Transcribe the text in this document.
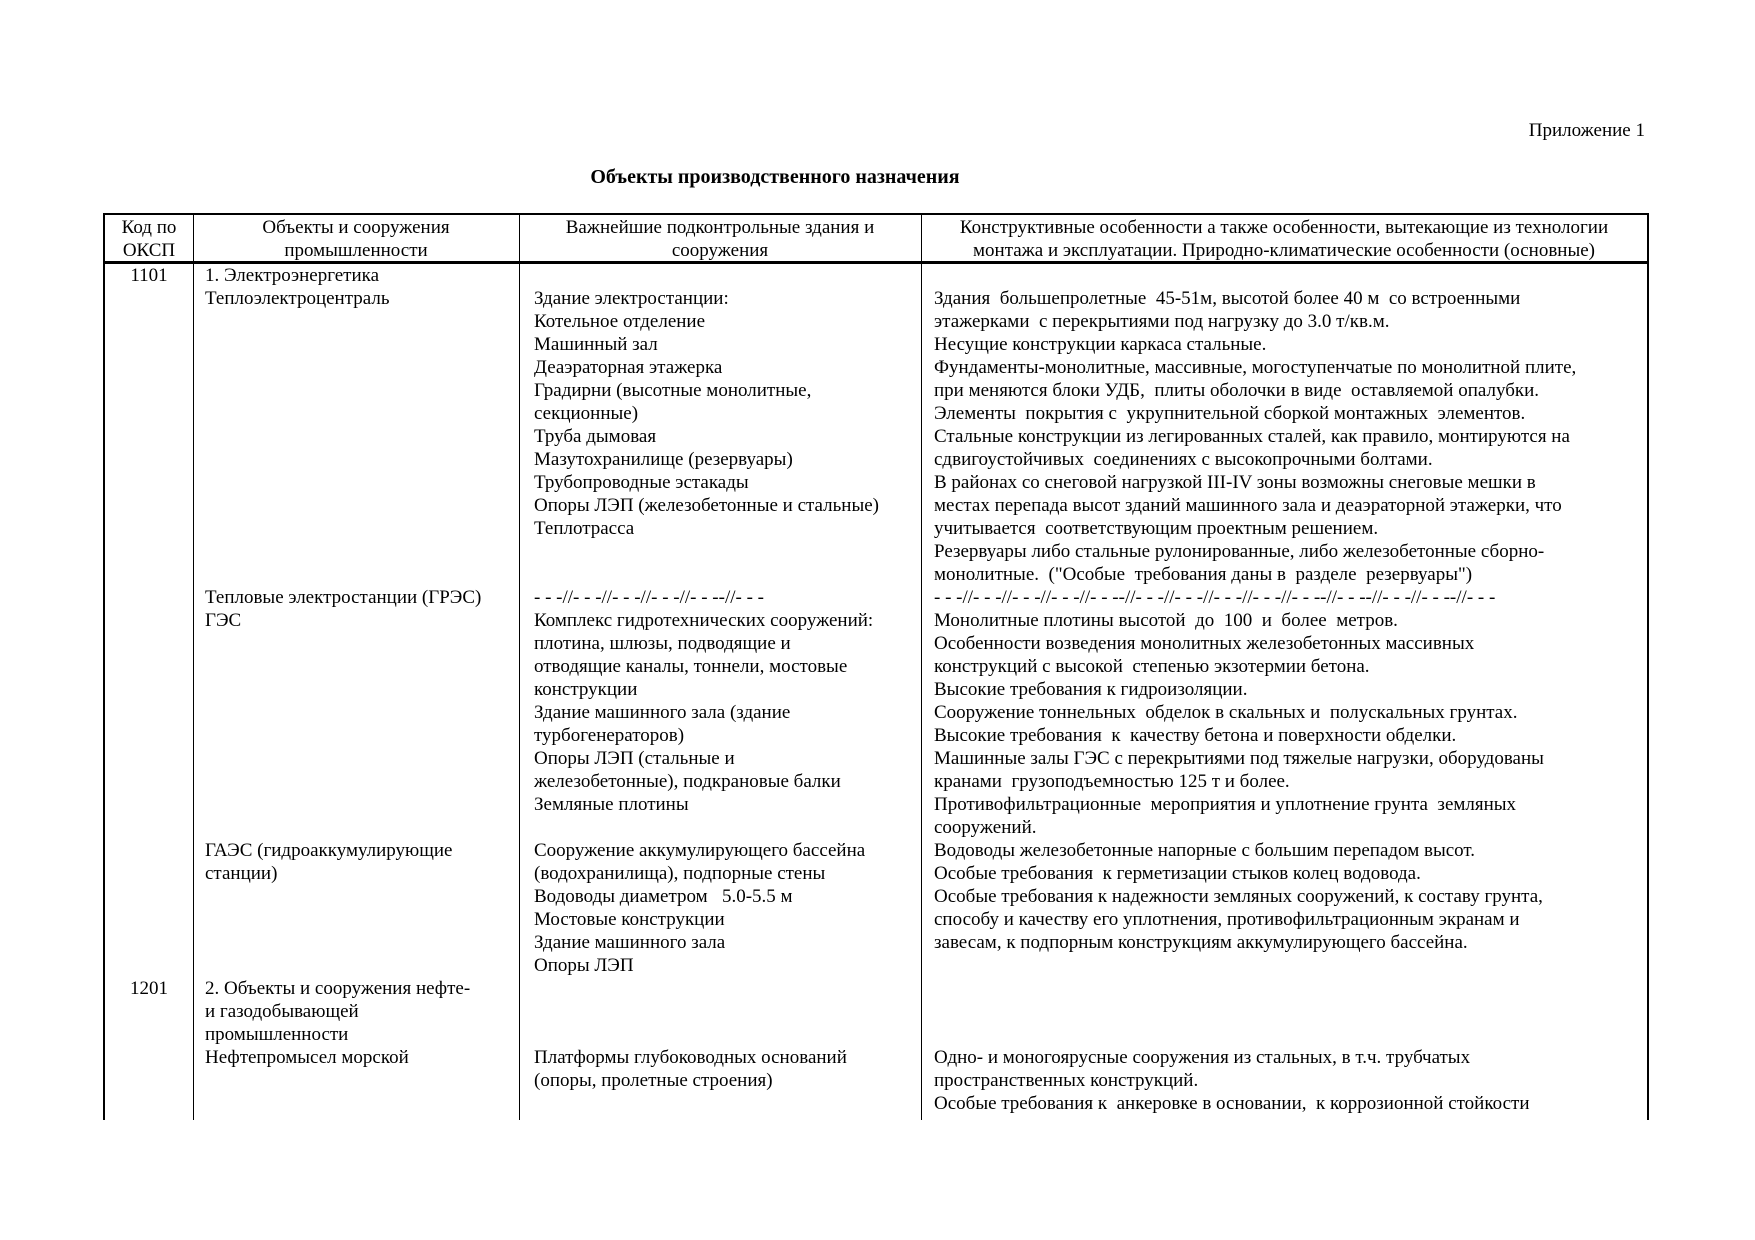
Приложение 1
Объекты производственного назначения
Код по
ОКСП
Объекты и сооружения
промышленности
Важнейшие подконтрольные здания и
сооружения
Конструктивные особенности а также особенности, вытекающие из технологии
монтажа и эксплуатации. Природно-климатические особенности (основные)
1101
1201
1. Электроэнергетика
Теплоэлектроцентраль
Тепловые электростанции (ГРЭС)
ГЭС
ГАЭС (гидроаккумулирующие
станции)
2. Объекты и сооружения нефте-
и газодобывающей
промышленности
Нефтепромысел морской
Здание электростанции:
Котельное отделение
Машинный зал
Деаэраторная этажерка
Градирни (высотные монолитные,
секционные)
Труба дымовая
Мазутохранилище (резервуары)
Трубопроводные эстакады
Опоры ЛЭП (железобетонные и стальные)
Теплотрасса
- - -//- - -//- - -//- - -//- - --//- - -
Комплекс гидротехнических сооружений:
плотина, шлюзы, подводящие и
отводящие каналы, тоннели, мостовые
конструкции
Здание машинного зала (здание
турбогенераторов)
Опоры ЛЭП (стальные и
железобетонные), подкрановые балки
Земляные плотины
Сооружение аккумулирующего бассейна
(водохранилища), подпорные стены
Водоводы диаметром   5.0-5.5 м
Мостовые конструкции
Здание машинного зала
Опоры ЛЭП
Платформы глубоководных оснований
(опоры, пролетные строения)
Здания  большепролетные  45-51м, высотой более 40 м  со встроенными
этажерками  с перекрытиями под нагрузку до 3.0 т/кв.м.
Несущие конструкции каркаса стальные.
Фундаменты-монолитные, массивные, могоступенчатые по монолитной плите,
при меняются блоки УДБ,  плиты оболочки в виде  оставляемой опалубки.
Элементы  покрытия с  укрупнительной сборкой монтажных  элементов.
Стальные конструкции из легированных сталей, как правило, монтируются на
сдвигоустойчивых  соединениях с высокопрочными болтами.
В районах со снеговой нагрузкой III-IV зоны возможны снеговые мешки в
местах перепада высот зданий машинного зала и деаэраторной этажерки, что
учитывается  соответствующим проектным решением.
Резервуары либо стальные рулонированные, либо железобетонные сборно-
монолитные.  ("Особые  требования даны в  разделе  резервуары")
- - -//- - -//- - -//- - -//- - --//- - -//- - -//- - -//- - -//- - --//- - --//- - -//- - --//- - -
Монолитные плотины высотой  до  100  и  более  метров.
Особенности возведения монолитных железобетонных массивных
конструкций с высокой  степенью экзотермии бетона.
Высокие требования к гидроизоляции.
Сооружение тоннельных  обделок в скальных и  полускальных грунтах.
Высокие требования  к  качеству бетона и поверхности обделки.
Машинные залы ГЭС с перекрытиями под тяжелые нагрузки, оборудованы
кранами  грузоподъемностью 125 т и более.
Противофильтрационные  мероприятия и уплотнение грунта  земляных
сооружений.
Водоводы железобетонные напорные с большим перепадом высот.
Особые требования  к герметизации стыков колец водовода.
Особые требования к надежности земляных сооружений, к составу грунта,
способу и качеству его уплотнения, противофильтрационным экранам и
завесам, к подпорным конструкциям аккумулирующего бассейна.
Одно- и моногоярусные сооружения из стальных, в т.ч. трубчатых
пространственных конструкций.
Особые требования к  анкеровке в основании,  к коррозионной стойкости
